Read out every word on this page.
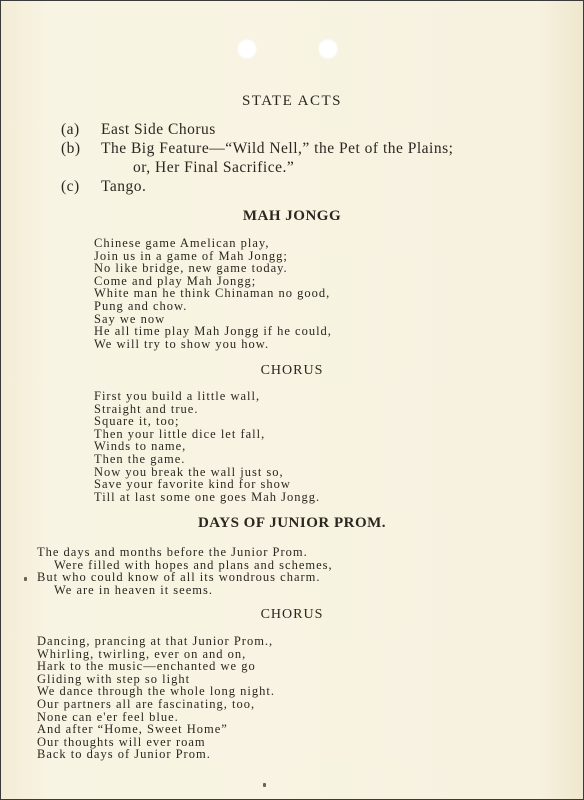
STATE ACTS
(a) East Side Chorus
(b) The Big Feature—“Wild Nell,” the Pet of the Plains;
or, Her Final Sacrifice.”
(c) Tango.
MAH JONGG
Chinese game Amelican play,
Join us in a game of Mah Jongg;
No like bridge, new game today.
Come and play Mah Jongg;
White man he think Chinaman no good,
Pung and chow.
Say we now
He all time play Mah Jongg if he could,
We will try to show you how.
CHORUS
First you build a little wall,
Straight and true.
Square it, too;
Then your little dice let fall,
Winds to name,
Then the game.
Now you break the wall just so,
Save your favorite kind for show
Till at last some one goes Mah Jongg.
DAYS OF JUNIOR PROM.
The days and months before the Junior Prom.
Were filled with hopes and plans and schemes,
But who could know of all its wondrous charm.
We are in heaven it seems.
CHORUS
Dancing, prancing at that Junior Prom.,
Whirling, twirling, ever on and on,
Hark to the music—enchanted we go
Gliding with step so light
We dance through the whole long night.
Our partners all are fascinating, too,
None can e'er feel blue.
And after “Home, Sweet Home”
Our thoughts will ever roam
Back to days of Junior Prom.
